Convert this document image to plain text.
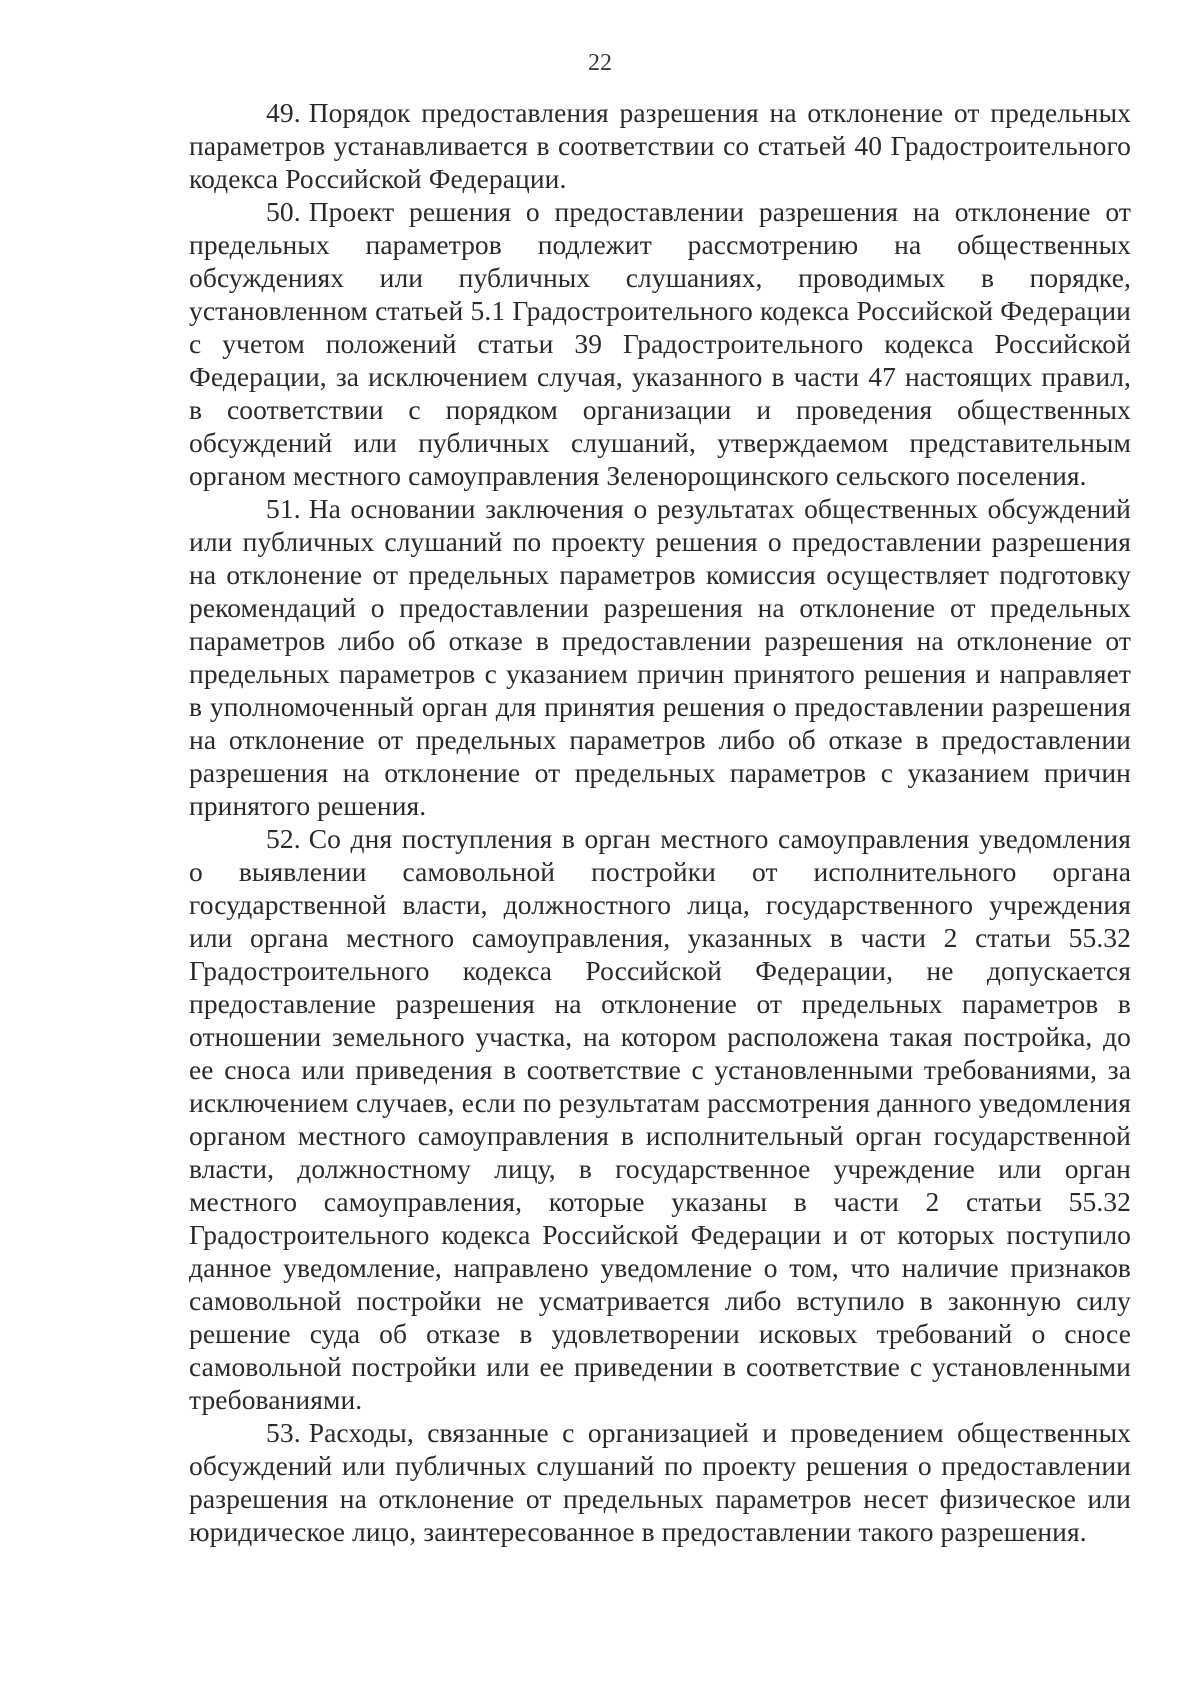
22

49. Порядок предоставления разрешения на отклонение от предельных параметров устанавливается в соответствии со статьей 40 Градостроительного кодекса Российской Федерации.

50. Проект решения о предоставлении разрешения на отклонение от предельных параметров подлежит рассмотрению на общественных обсуждениях или публичных слушаниях, проводимых в порядке, установленном статьей 5.1 Градостроительного кодекса Российской Федерации с учетом положений статьи 39 Градостроительного кодекса Российской Федерации, за исключением случая, указанного в части 47 настоящих правил, в соответствии с порядком организации и проведения общественных обсуждений или публичных слушаний, утверждаемом представительным органом местного самоуправления Зеленорощинского сельского поселения.

51. На основании заключения о результатах общественных обсуждений или публичных слушаний по проекту решения о предоставлении разрешения на отклонение от предельных параметров комиссия осуществляет подготовку рекомендаций о предоставлении разрешения на отклонение от предельных параметров либо об отказе в предоставлении разрешения на отклонение от предельных параметров с указанием причин принятого решения и направляет в уполномоченный орган для принятия решения о предоставлении разрешения на отклонение от предельных параметров либо об отказе в предоставлении разрешения на отклонение от предельных параметров с указанием причин принятого решения.

52. Со дня поступления в орган местного самоуправления уведомления о выявлении самовольной постройки от исполнительного органа государственной власти, должностного лица, государственного учреждения или органа местного самоуправления, указанных в части 2 статьи 55.32 Градостроительного кодекса Российской Федерации, не допускается предоставление разрешения на отклонение от предельных параметров в отношении земельного участка, на котором расположена такая постройка, до ее сноса или приведения в соответствие с установленными требованиями, за исключением случаев, если по результатам рассмотрения данного уведомления органом местного самоуправления в исполнительный орган государственной власти, должностному лицу, в государственное учреждение или орган местного самоуправления, которые указаны в части 2 статьи 55.32 Градостроительного кодекса Российской Федерации и от которых поступило данное уведомление, направлено уведомление о том, что наличие признаков самовольной постройки не усматривается либо вступило в законную силу решение суда об отказе в удовлетворении исковых требований о сносе самовольной постройки или ее приведении в соответствие с установленными требованиями.

53. Расходы, связанные с организацией и проведением общественных обсуждений или публичных слушаний по проекту решения о предоставлении разрешения на отклонение от предельных параметров несет физическое или юридическое лицо, заинтересованное в предоставлении такого разрешения.
